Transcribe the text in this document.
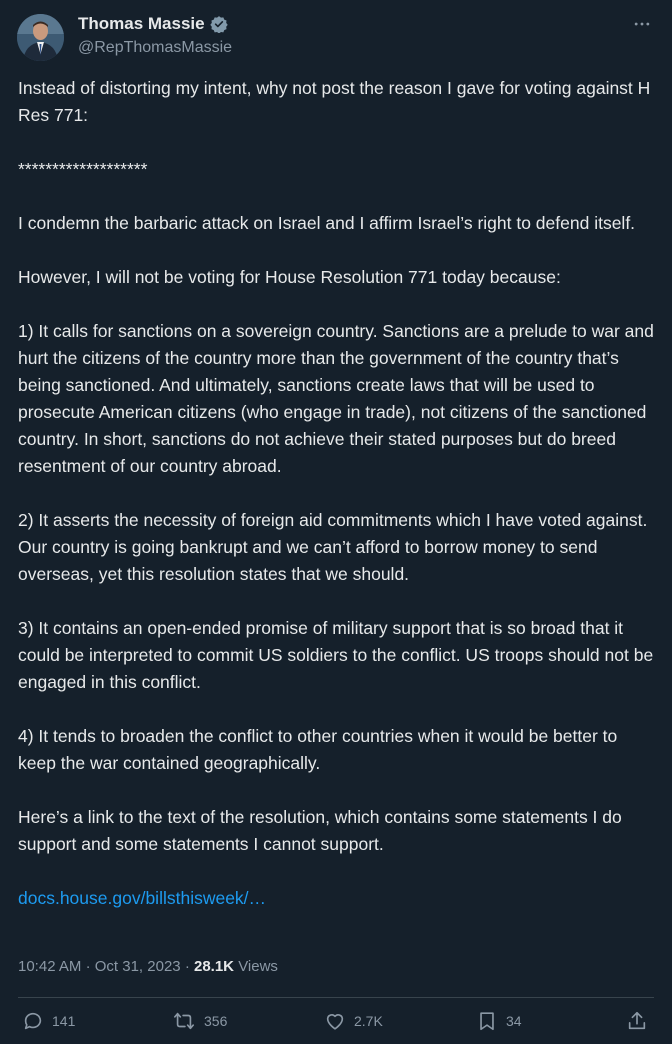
Thomas Massie
@RepThomasMassie

Instead of distorting my intent, why not post the reason I gave for voting against H Res 771:

*******************

I condemn the barbaric attack on Israel and I affirm Israel’s right to defend itself.

However, I will not be voting for House Resolution 771 today because:

1) It calls for sanctions on a sovereign country. Sanctions are a prelude to war and hurt the citizens of the country more than the government of the country that’s being sanctioned. And ultimately, sanctions create laws that will be used to prosecute American citizens (who engage in trade), not citizens of the sanctioned country. In short, sanctions do not achieve their stated purposes but do breed resentment of our country abroad.

2) It asserts the necessity of foreign aid commitments which I have voted against. Our country is going bankrupt and we can’t afford to borrow money to send overseas, yet this resolution states that we should.

3) It contains an open-ended promise of military support that is so broad that it could be interpreted to commit US soldiers to the conflict. US troops should not be engaged in this conflict.

4) It tends to broaden the conflict to other countries when it would be better to keep the war contained geographically.

Here’s a link to the text of the resolution, which contains some statements I do support and some statements I cannot support.

docs.house.gov/billsthisweek/…

10:42 AM · Oct 31, 2023 · 28.1K Views
141	356	2.7K	34
